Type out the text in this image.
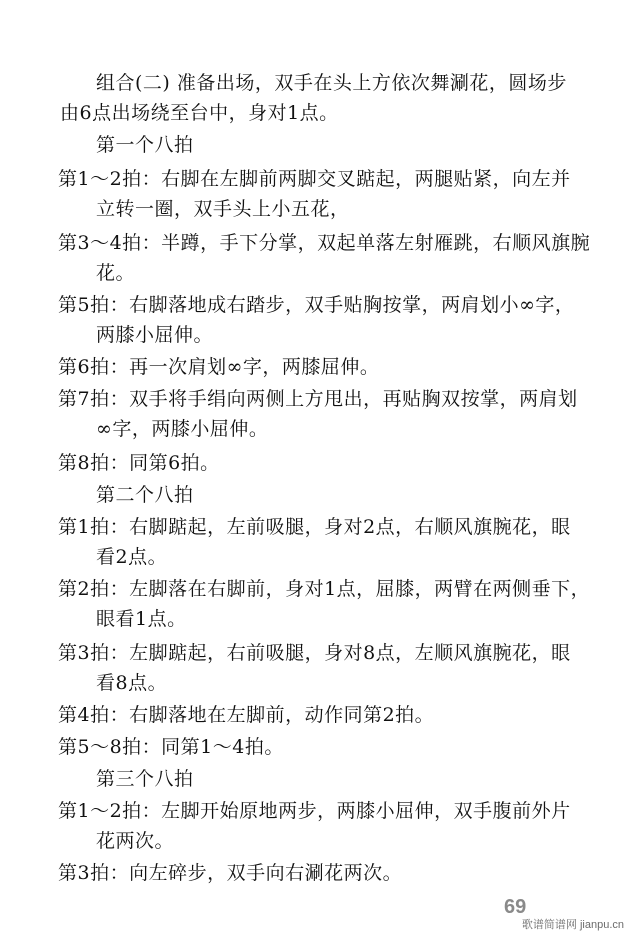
组合(二) 准备出场，双手在头上方依次舞涮花，圆场步
由6点出场绕至台中，身对1点。
第一个八拍
第1～2拍：右脚在左脚前两脚交叉踮起，两腿贴紧，向左并
立转一圈，双手头上小五花，
第3～4拍：半蹲，手下分掌，双起单落左射雁跳，右顺风旗腕
花。
第5拍：右脚落地成右踏步，双手贴胸按掌，两肩划小∞字，
两膝小屈伸。
第6拍：再一次肩划∞字，两膝屈伸。
第7拍：双手将手绢向两侧上方甩出，再贴胸双按掌，两肩划
∞字，两膝小屈伸。
第8拍：同第6拍。
第二个八拍
第1拍：右脚踮起，左前吸腿，身对2点，右顺风旗腕花，眼
看2点。
第2拍：左脚落在右脚前，身对1点，屈膝，两臂在两侧垂下，
眼看1点。
第3拍：左脚踮起，右前吸腿，身对8点，左顺风旗腕花，眼
看8点。
第4拍：右脚落地在左脚前，动作同第2拍。
第5～8拍：同第1～4拍。
第三个八拍
第1～2拍：左脚开始原地两步，两膝小屈伸，双手腹前外片
花两次。
第3拍：向左碎步，双手向右涮花两次。
69
歌谱简谱网 jianpu.cn
